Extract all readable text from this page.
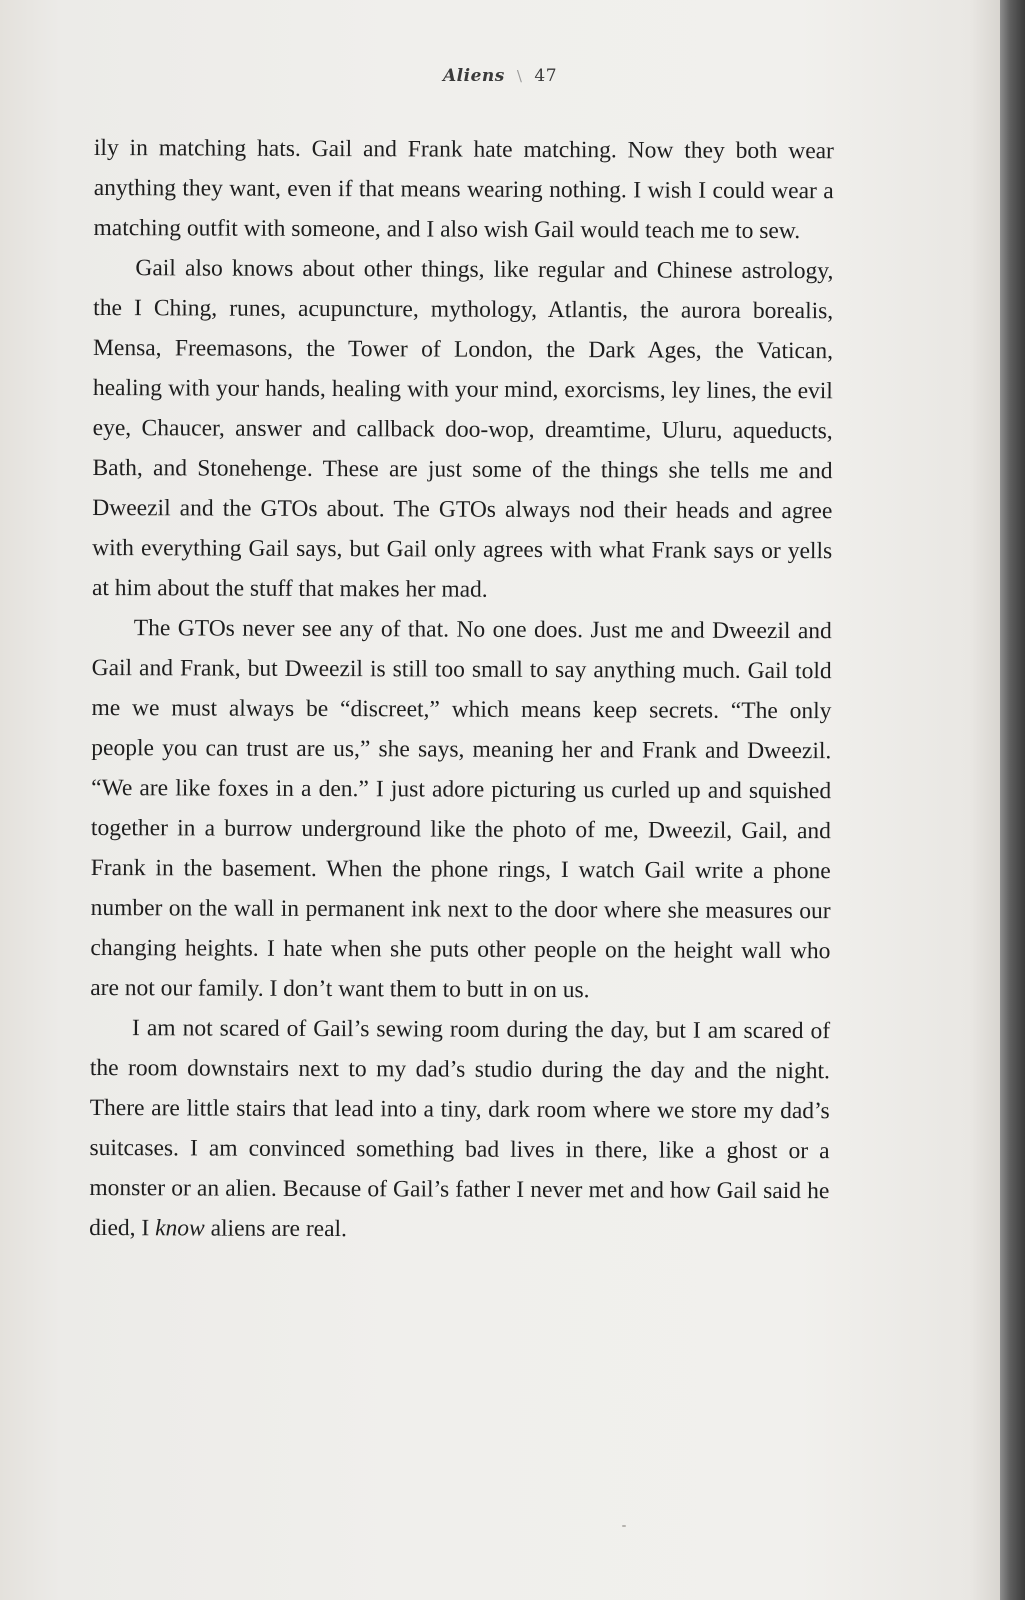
Aliens \ 47

ily in matching hats. Gail and Frank hate matching. Now they both wear anything they want, even if that means wearing nothing. I wish I could wear a matching outfit with someone, and I also wish Gail would teach me to sew.

Gail also knows about other things, like regular and Chinese astrology, the I Ching, runes, acupuncture, mythology, Atlantis, the aurora borealis, Mensa, Freemasons, the Tower of London, the Dark Ages, the Vatican, healing with your hands, healing with your mind, exorcisms, ley lines, the evil eye, Chaucer, answer and callback doo-wop, dreamtime, Uluru, aqueducts, Bath, and Stonehenge. These are just some of the things she tells me and Dweezil and the GTOs about. The GTOs always nod their heads and agree with everything Gail says, but Gail only agrees with what Frank says or yells at him about the stuff that makes her mad.

The GTOs never see any of that. No one does. Just me and Dweezil and Gail and Frank, but Dweezil is still too small to say anything much. Gail told me we must always be “discreet,” which means keep secrets. “The only people you can trust are us,” she says, meaning her and Frank and Dweezil. “We are like foxes in a den.” I just adore picturing us curled up and squished together in a burrow underground like the photo of me, Dweezil, Gail, and Frank in the basement. When the phone rings, I watch Gail write a phone number on the wall in permanent ink next to the door where she measures our changing heights. I hate when she puts other people on the height wall who are not our family. I don’t want them to butt in on us.

I am not scared of Gail’s sewing room during the day, but I am scared of the room downstairs next to my dad’s studio during the day and the night. There are little stairs that lead into a tiny, dark room where we store my dad’s suitcases. I am convinced something bad lives in there, like a ghost or a monster or an alien. Because of Gail’s father I never met and how Gail said he died, I know aliens are real.
